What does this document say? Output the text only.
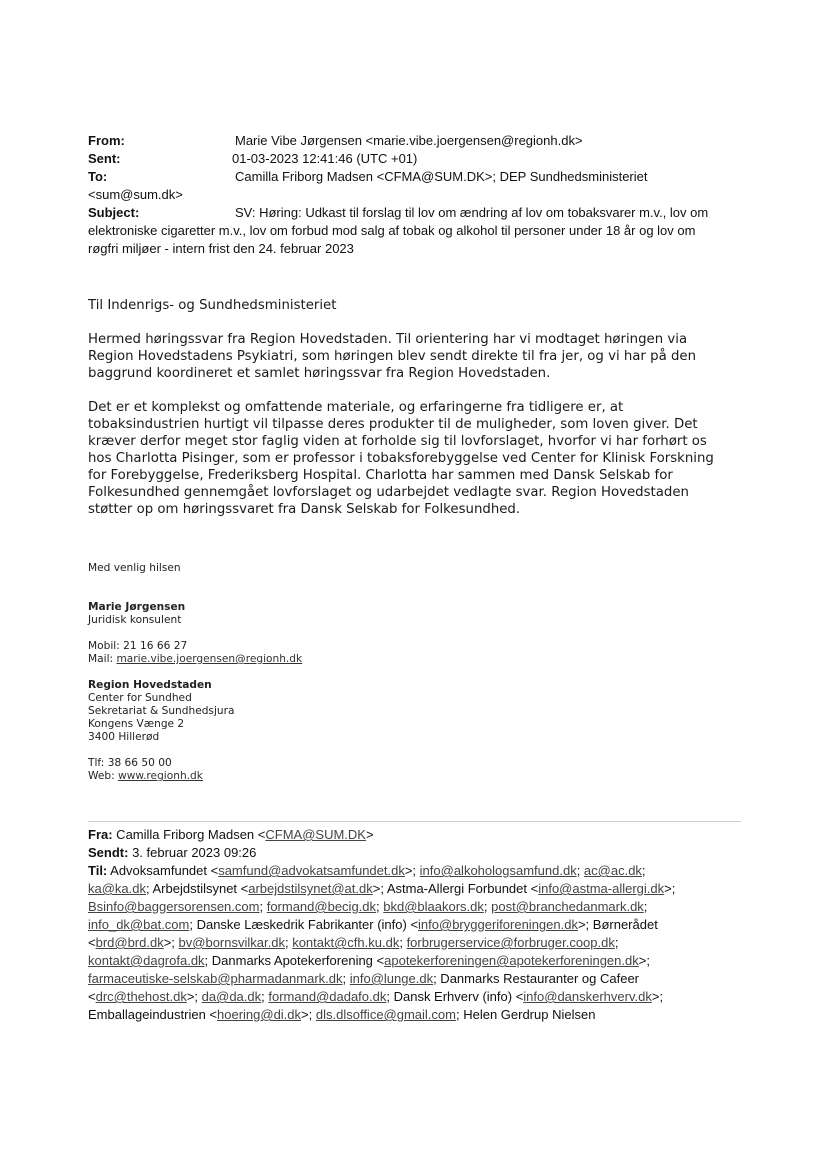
From:	Marie Vibe Jørgensen <marie.vibe.joergensen@regionh.dk>
Sent:	01-03-2023 12:41:46 (UTC +01)
To:	Camilla Friborg Madsen <CFMA@SUM.DK>; DEP Sundhedsministeriet
<sum@sum.dk>
Subject:	SV: Høring: Udkast til forslag til lov om ændring af lov om tobaksvarer m.v., lov om
elektroniske cigaretter m.v., lov om forbud mod salg af tobak og alkohol til personer under 18 år og lov om
røgfri miljøer - intern frist den 24. februar 2023

Til Indenrigs- og Sundhedsministeriet

Hermed høringssvar fra Region Hovedstaden. Til orientering har vi modtaget høringen via
Region Hovedstadens Psykiatri, som høringen blev sendt direkte til fra jer, og vi har på den
baggrund koordineret et samlet høringssvar fra Region Hovedstaden.

Det er et komplekst og omfattende materiale, og erfaringerne fra tidligere er, at
tobaksindustrien hurtigt vil tilpasse deres produkter til de muligheder, som loven giver. Det
kræver derfor meget stor faglig viden at forholde sig til lovforslaget, hvorfor vi har forhørt os
hos Charlotta Pisinger, som er professor i tobaksforebyggelse ved Center for Klinisk Forskning
for Forebyggelse, Frederiksberg Hospital. Charlotta har sammen med Dansk Selskab for
Folkesundhed gennemgået lovforslaget og udarbejdet vedlagte svar. Region Hovedstaden
støtter op om høringssvaret fra Dansk Selskab for Folkesundhed.

Med venlig hilsen
Marie Jørgensen
Juridisk konsulent
Mobil: 21 16 66 27
Mail: marie.vibe.joergensen@regionh.dk
Region Hovedstaden
Center for Sundhed
Sekretariat & Sundhedsjura
Kongens Vænge 2
3400 Hillerød
Tlf: 38 66 50 00
Web: www.regionh.dk
Fra: Camilla Friborg Madsen <CFMA@SUM.DK>
Sendt: 3. februar 2023 09:26
Til: Advoksamfundet <samfund@advokatsamfundet.dk>; info@alkohologsamfund.dk; ac@ac.dk;
ka@ka.dk; Arbejdstilsynet <arbejdstilsynet@at.dk>; Astma-Allergi Forbundet <info@astma-allergi.dk>;
Bsinfo@baggersorensen.com; formand@becig.dk; bkd@blaakors.dk; post@branchedanmark.dk;
info_dk@bat.com; Danske Læskedrik Fabrikanter (info) <info@bryggeriforeningen.dk>; Børnerådet
<brd@brd.dk>; bv@bornsvilkar.dk; kontakt@cfh.ku.dk; forbrugerservice@forbruger.coop.dk;
kontakt@dagrofa.dk; Danmarks Apotekerforening <apotekerforeningen@apotekerforeningen.dk>;
farmaceutiske-selskab@pharmadanmark.dk; info@lunge.dk; Danmarks Restauranter og Cafeer
<drc@thehost.dk>; da@da.dk; formand@dadafo.dk; Dansk Erhverv (info) <info@danskerhverv.dk>;
Emballageindustrien <hoering@di.dk>; dls.dlsoffice@gmail.com; Helen Gerdrup Nielsen
